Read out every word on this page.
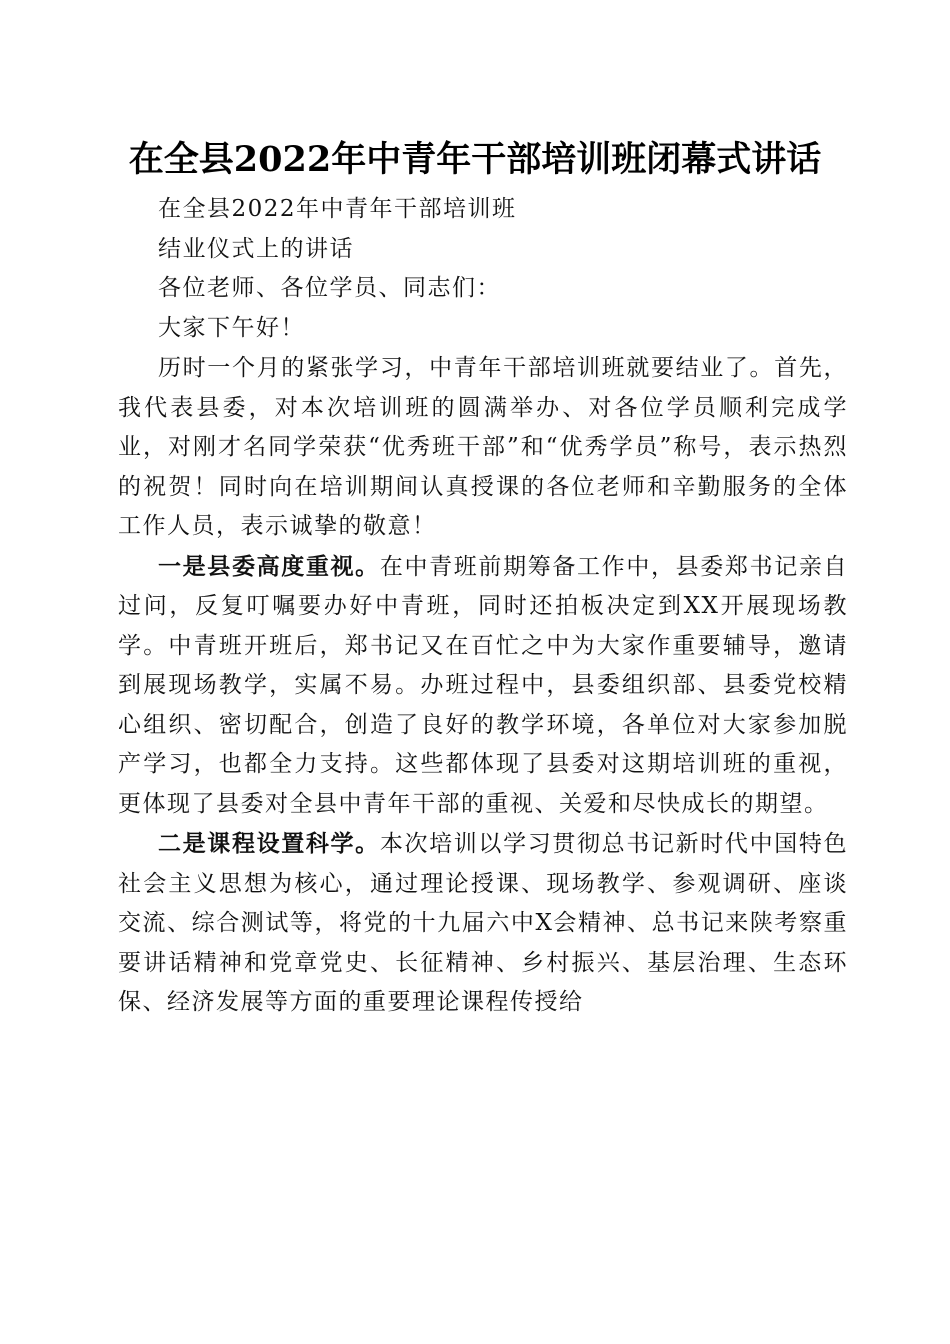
在全县2022年中青年干部培训班闭幕式讲话
在全县2022年中青年干部培训班
结业仪式上的讲话
各位老师、各位学员、同志们：
大家下午好！

历时一个月的紧张学习，中青年干部培训班就要结业了。首先，我代表县委，对本次培训班的圆满举办、对各位学员顺利完成学业，对刚才名同学荣获“优秀班干部”和“优秀学员”称号，表示热烈的祝贺！同时向在培训期间认真授课的各位老师和辛勤服务的全体工作人员，表示诚挚的敬意！

一是县委高度重视。在中青班前期筹备工作中，县委郑书记亲自过问，反复叮嘱要办好中青班，同时还拍板决定到XX开展现场教学。中青班开班后，郑书记又在百忙之中为大家作重要辅导，邀请到展现场教学，实属不易。办班过程中，县委组织部、县委党校精心组织、密切配合，创造了良好的教学环境，各单位对大家参加脱产学习，也都全力支持。这些都体现了县委对这期培训班的重视，更体现了县委对全县中青年干部的重视、关爱和尽快成长的期望。

二是课程设置科学。本次培训以学习贯彻总书记新时代中国特色社会主义思想为核心，通过理论授课、现场教学、参观调研、座谈交流、综合测试等，将党的十九届六中X会精神、总书记来陕考察重要讲话精神和党章党史、长征精神、乡村振兴、基层治理、生态环保、经济发展等方面的重要理论课程传授给
